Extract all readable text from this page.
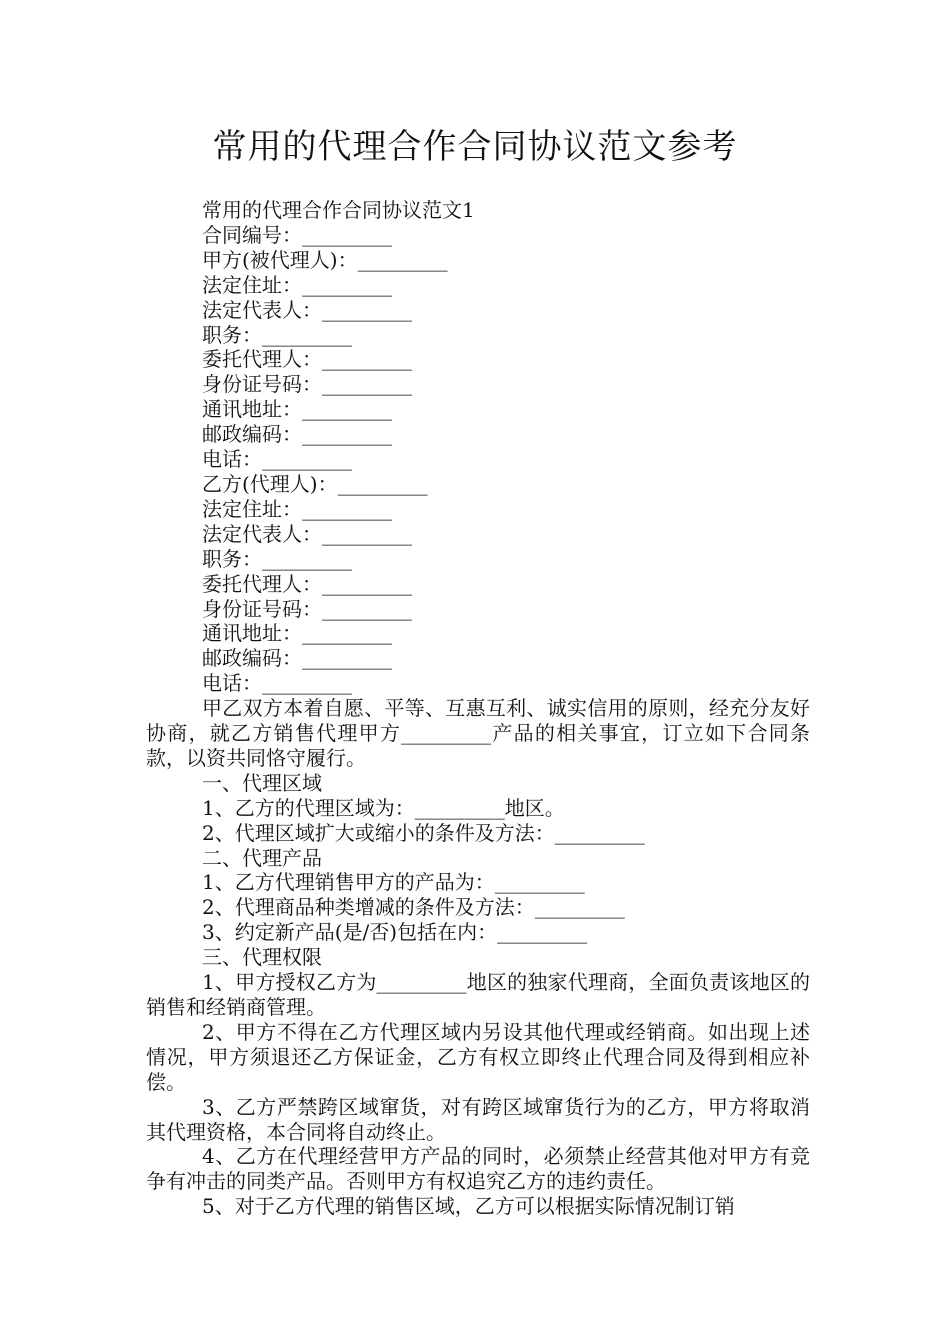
常用的代理合作合同协议范文参考
常用的代理合作合同协议范文1
合同编号：_________
甲方(被代理人)：_________
法定住址：_________
法定代表人：_________
职务：_________
委托代理人：_________
身份证号码：_________
通讯地址：_________
邮政编码：_________
电话：_________
乙方(代理人)：_________
法定住址：_________
法定代表人：_________
职务：_________
委托代理人：_________
身份证号码：_________
通讯地址：_________
邮政编码：_________
电话：_________
甲乙双方本着自愿、平等、互惠互利、诚实信用的原则，经充分友好协商，就乙方销售代理甲方_________产品的相关事宜，订立如下合同条款，以资共同恪守履行。
一、代理区域
1、乙方的代理区域为：_________地区。
2、代理区域扩大或缩小的条件及方法：_________
二、代理产品
1、乙方代理销售甲方的产品为：_________
2、代理商品种类增减的条件及方法：_________
3、约定新产品(是/否)包括在内：_________
三、代理权限
1、甲方授权乙方为_________地区的独家代理商，全面负责该地区的销售和经销商管理。
2、甲方不得在乙方代理区域内另设其他代理或经销商。如出现上述情况，甲方须退还乙方保证金，乙方有权立即终止代理合同及得到相应补偿。
3、乙方严禁跨区域窜货，对有跨区域窜货行为的乙方，甲方将取消其代理资格，本合同将自动终止。
4、乙方在代理经营甲方产品的同时，必须禁止经营其他对甲方有竞争有冲击的同类产品。否则甲方有权追究乙方的违约责任。
5、对于乙方代理的销售区域，乙方可以根据实际情况制订销
